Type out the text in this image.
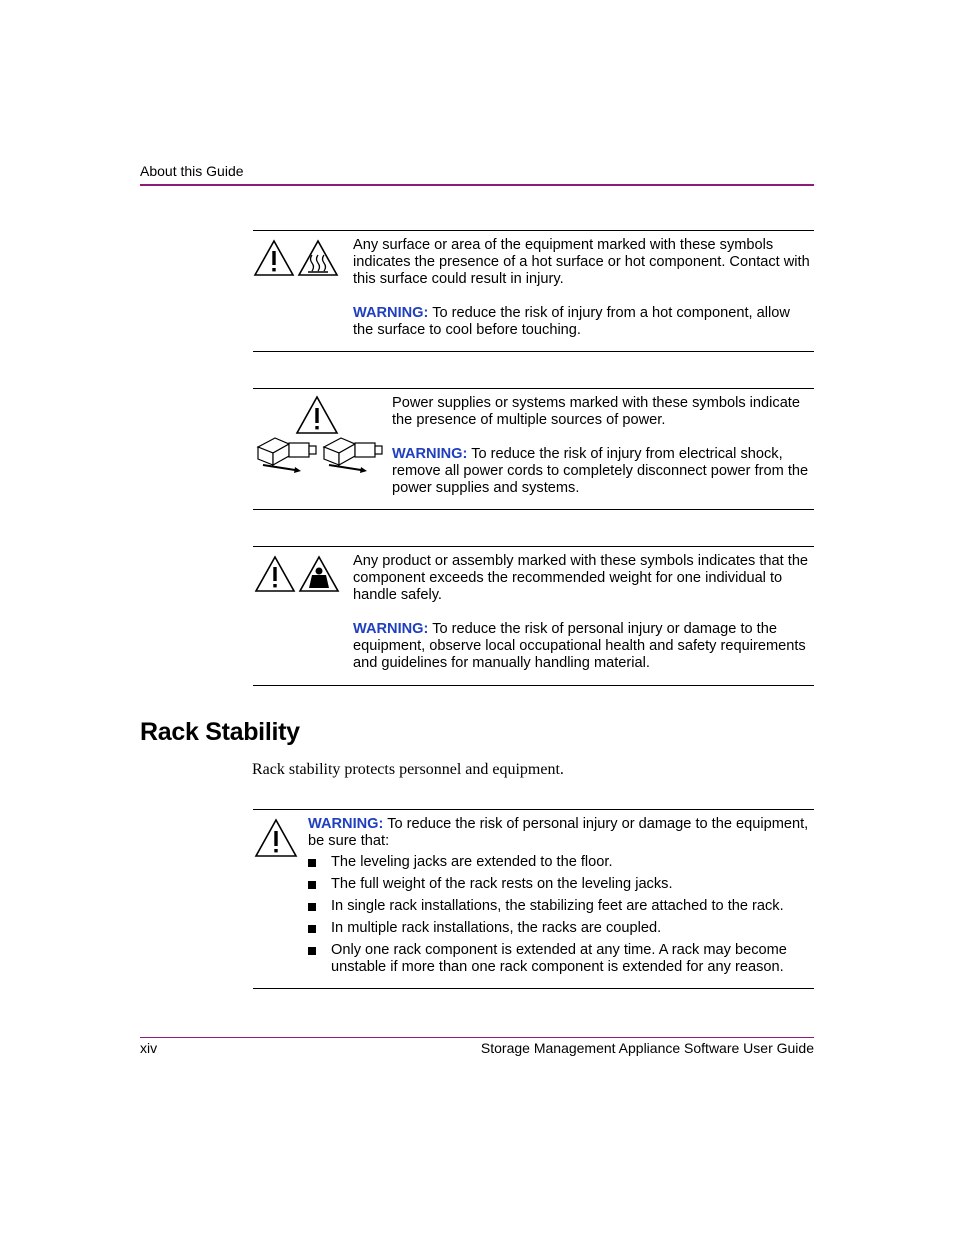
About this Guide

Any surface or area of the equipment marked with these symbols indicates the presence of a hot surface or hot component. Contact with this surface could result in injury.

WARNING: To reduce the risk of injury from a hot component, allow the surface to cool before touching.

Power supplies or systems marked with these symbols indicate the presence of multiple sources of power.

WARNING: To reduce the risk of injury from electrical shock, remove all power cords to completely disconnect power from the power supplies and systems.

Any product or assembly marked with these symbols indicates that the component exceeds the recommended weight for one individual to handle safely.

WARNING: To reduce the risk of personal injury or damage to the equipment, observe local occupational health and safety requirements and guidelines for manually handling material.

Rack Stability

Rack stability protects personnel and equipment.

WARNING: To reduce the risk of personal injury or damage to the equipment, be sure that:

The leveling jacks are extended to the floor.
The full weight of the rack rests on the leveling jacks.
In single rack installations, the stabilizing feet are attached to the rack.
In multiple rack installations, the racks are coupled.
Only one rack component is extended at any time. A rack may become unstable if more than one rack component is extended for any reason.
xiv	Storage Management Appliance Software User Guide
